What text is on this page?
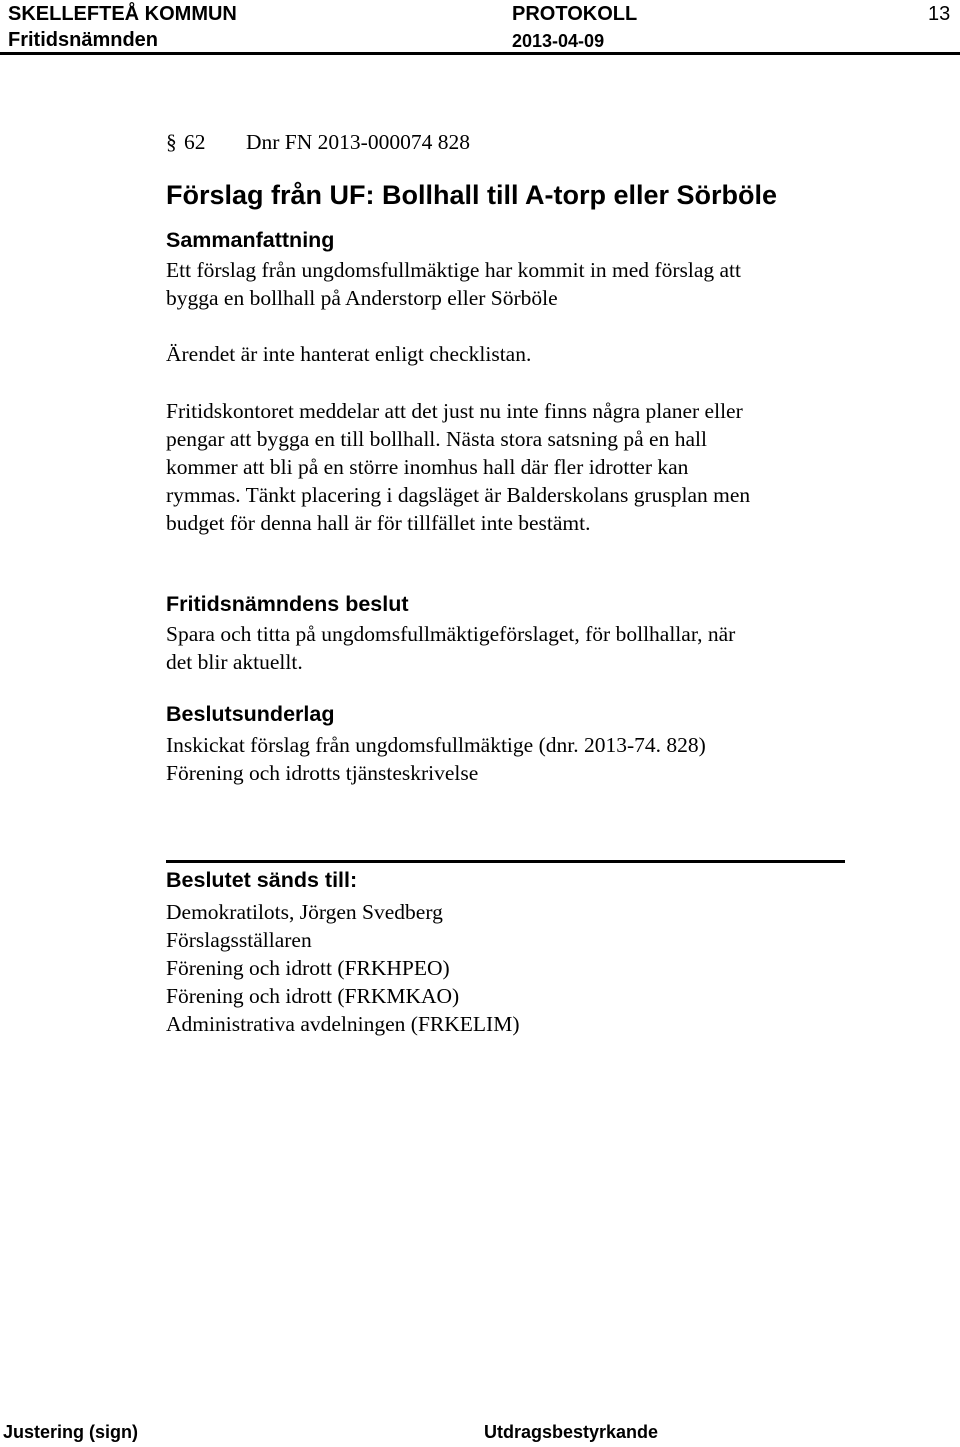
SKELLEFTEÅ KOMMUN
Fritidsnämnden
PROTOKOLL
2013-04-09
13
§ 62 Dnr FN 2013-000074 828
Förslag från UF: Bollhall till A-torp eller Sörböle
Sammanfattning
Ett förslag från ungdomsfullmäktige har kommit in med förslag att
bygga en bollhall på Anderstorp eller Sörböle
Ärendet är inte hanterat enligt checklistan.
Fritidskontoret meddelar att det just nu inte finns några planer eller
pengar att bygga en till bollhall. Nästa stora satsning på en hall
kommer att bli på en större inomhus hall där fler idrotter kan
rymmas. Tänkt placering i dagsläget är Balderskolans grusplan men
budget för denna hall är för tillfället inte bestämt.
Fritidsnämndens beslut
Spara och titta på ungdomsfullmäktigeförslaget, för bollhallar, när
det blir aktuellt.
Beslutsunderlag
Inskickat förslag från ungdomsfullmäktige (dnr. 2013-74. 828)
Förening och idrotts tjänsteskrivelse
Beslutet sänds till:
Demokratilots, Jörgen Svedberg
Förslagsställaren
Förening och idrott (FRKHPEO)
Förening och idrott (FRKMKAO)
Administrativa avdelningen (FRKELIM)
Justering (sign)	Utdragsbestyrkande
